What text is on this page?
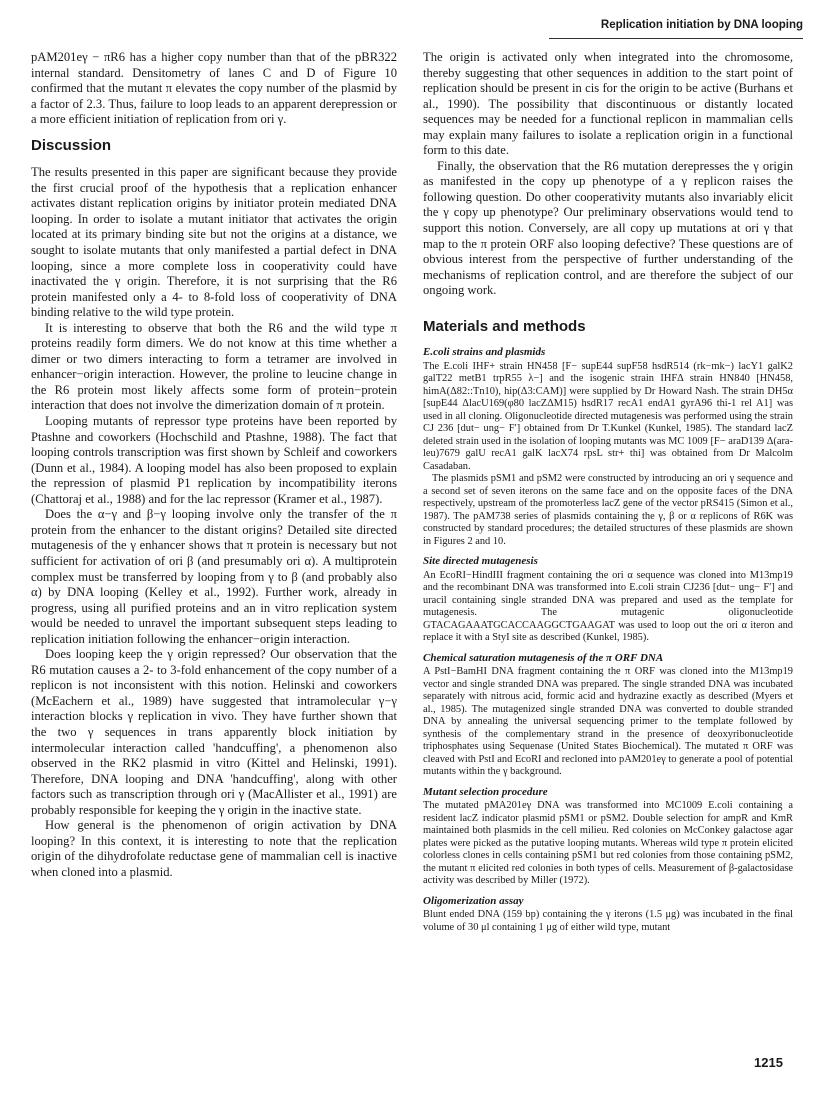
Replication initiation by DNA looping

pAM201eγ − πR6 has a higher copy number than that of the pBR322 internal standard. Densitometry of lanes C and D of Figure 10 confirmed that the mutant π elevates the copy number of the plasmid by a factor of 2.3. Thus, failure to loop leads to an apparent derepression or a more efficient initiation of replication from ori γ.

Discussion

The results presented in this paper are significant because they provide the first crucial proof of the hypothesis that a replication enhancer activates distant replication origins by initiator protein mediated DNA looping. In order to isolate a mutant initiator that activates the origin located at its primary binding site but not the origins at a distance, we sought to isolate mutants that only manifested a partial defect in DNA looping, since a more complete loss in cooperativity could have inactivated the γ origin. Therefore, it is not surprising that the R6 protein manifested only a 4- to 8-fold loss of cooperativity of DNA binding relative to the wild type protein.

It is interesting to observe that both the R6 and the wild type π proteins readily form dimers. We do not know at this time whether a dimer or two dimers interacting to form a tetramer are involved in enhancer−origin interaction. However, the proline to leucine change in the R6 protein most likely affects some form of protein−protein interaction that does not involve the dimerization domain of π protein.

Looping mutants of repressor type proteins have been reported by Ptashne and coworkers (Hochschild and Ptashne, 1988). The fact that looping controls transcription was first shown by Schleif and coworkers (Dunn et al., 1984). A looping model has also been proposed to explain the repression of plasmid P1 replication by incompatibility iterons (Chattoraj et al., 1988) and for the lac repressor (Kramer et al., 1987).

Does the α−γ and β−γ looping involve only the transfer of the π protein from the enhancer to the distant origins? Detailed site directed mutagenesis of the γ enhancer shows that π protein is necessary but not sufficient for activation of ori β (and presumably ori α). A multiprotein complex must be transferred by looping from γ to β (and probably also α) by DNA looping (Kelley et al., 1992). Further work, already in progress, using all purified proteins and an in vitro replication system would be needed to unravel the important subsequent steps leading to replication initiation following the enhancer−origin interaction.

Does looping keep the γ origin repressed? Our observation that the R6 mutation causes a 2- to 3-fold enhancement of the copy number of a replicon is not inconsistent with this notion. Helinski and coworkers (McEachern et al., 1989) have suggested that intramolecular γ−γ interaction blocks γ replication in vivo. They have further shown that the two γ sequences in trans apparently block initiation by intermolecular interaction called 'handcuffing', a phenomenon also observed in the RK2 plasmid in vitro (Kittel and Helinski, 1991). Therefore, DNA looping and DNA 'handcuffing', along with other factors such as transcription through ori γ (MacAllister et al., 1991) are probably responsible for keeping the γ origin in the inactive state.

How general is the phenomenon of origin activation by DNA looping? In this context, it is interesting to note that the replication origin of the dihydrofolate reductase gene of mammalian cell is inactive when cloned into a plasmid.

The origin is activated only when integrated into the chromosome, thereby suggesting that other sequences in addition to the start point of replication should be present in cis for the origin to be active (Burhans et al., 1990). The possibility that discontinuous or distantly located sequences may be needed for a functional replicon in mammalian cells may explain many failures to isolate a replication origin in a functional form to this date.

Finally, the observation that the R6 mutation derepresses the γ origin as manifested in the copy up phenotype of a γ replicon raises the following question. Do other cooperativity mutants also invariably elicit the γ copy up phenotype? Our preliminary observations would tend to support this notion. Conversely, are all copy up mutations at ori γ that map to the π protein ORF also looping defective? These questions are of obvious interest from the perspective of further understanding of the mechanisms of replication control, and are therefore the subject of our ongoing work.

Materials and methods
E.coli strains and plasmids

The E.coli IHF+ strain HN458 [F− supE44 supF58 hsdR514 (rk−mk−) lacY1 galK2 galT22 metB1 trpR55 λ−] and the isogenic strain IHFΔ strain HN840 [HN458, himA(Δ82::Tn10), hip(Δ3:CAM)] were supplied by Dr Howard Nash. The strain DH5α [supE44 ΔlacU169(φ80 lacZΔM15) hsdR17 recA1 endA1 gyrA96 thi-1 rel A1] was used in all cloning. Oligonucleotide directed mutagenesis was performed using the strain CJ 236 [dut− ung− F′] obtained from Dr T.Kunkel (Kunkel, 1985). The standard lacZ deleted strain used in the isolation of looping mutants was MC 1009 [F− araD139 Δ(ara-leu)7679 galU recA1 galK lacX74 rpsL str+ thi] was obtained from Dr Malcolm Casadaban.

The plasmids pSM1 and pSM2 were constructed by introducing an ori γ sequence and a second set of seven iterons on the same face and on the opposite faces of the DNA respectively, upstream of the promoterless lacZ gene of the vector pRS415 (Simon et al., 1987). The pAM738 series of plasmids containing the γ, β or α replicons of R6K was constructed by standard procedures; the detailed structures of these plasmids are shown in Figures 2 and 10.

Site directed mutagenesis

An EcoRI−HindIII fragment containing the ori α sequence was cloned into M13mp19 and the recombinant DNA was transformed into E.coli strain CJ236 [dut− ung− F′] and uracil containing single stranded DNA was prepared and used as the template for mutagenesis. The mutagenic oligonucleotide GTACAGAAATGCACCAAGGCTGAAGAT was used to loop out the ori α iteron and replace it with a StyI site as described (Kunkel, 1985).

Chemical saturation mutagenesis of the π ORF DNA

A PstI−BamHI DNA fragment containing the π ORF was cloned into the M13mp19 vector and single stranded DNA was prepared. The single stranded DNA was incubated separately with nitrous acid, formic acid and hydrazine exactly as described (Myers et al., 1985). The mutagenized single stranded DNA was converted to double stranded DNA by annealing the universal sequencing primer to the template followed by synthesis of the complementary strand in the presence of deoxyribonucleotide triphosphates using Sequenase (United States Biochemical). The mutated π ORF was cleaved with PstI and EcoRI and recloned into pAM201eγ to generate a pool of potential mutants within the γ background.

Mutant selection procedure

The mutated pMA201eγ DNA was transformed into MC1009 E.coli containing a resident lacZ indicator plasmid pSM1 or pSM2. Double selection for ampR and KmR maintained both plasmids in the cell milieu. Red colonies on McConkey galactose agar plates were picked as the putative looping mutants. Whereas wild type π protein elicited colorless clones in cells containing pSM1 but red colonies from those containing pSM2, the mutant π elicited red colonies in both types of cells. Measurement of β-galactosidase activity was described by Miller (1972).

Oligomerization assay

Blunt ended DNA (159 bp) containing the γ iterons (1.5 μg) was incubated in the final volume of 30 μl containing 1 μg of either wild type, mutant

1215
